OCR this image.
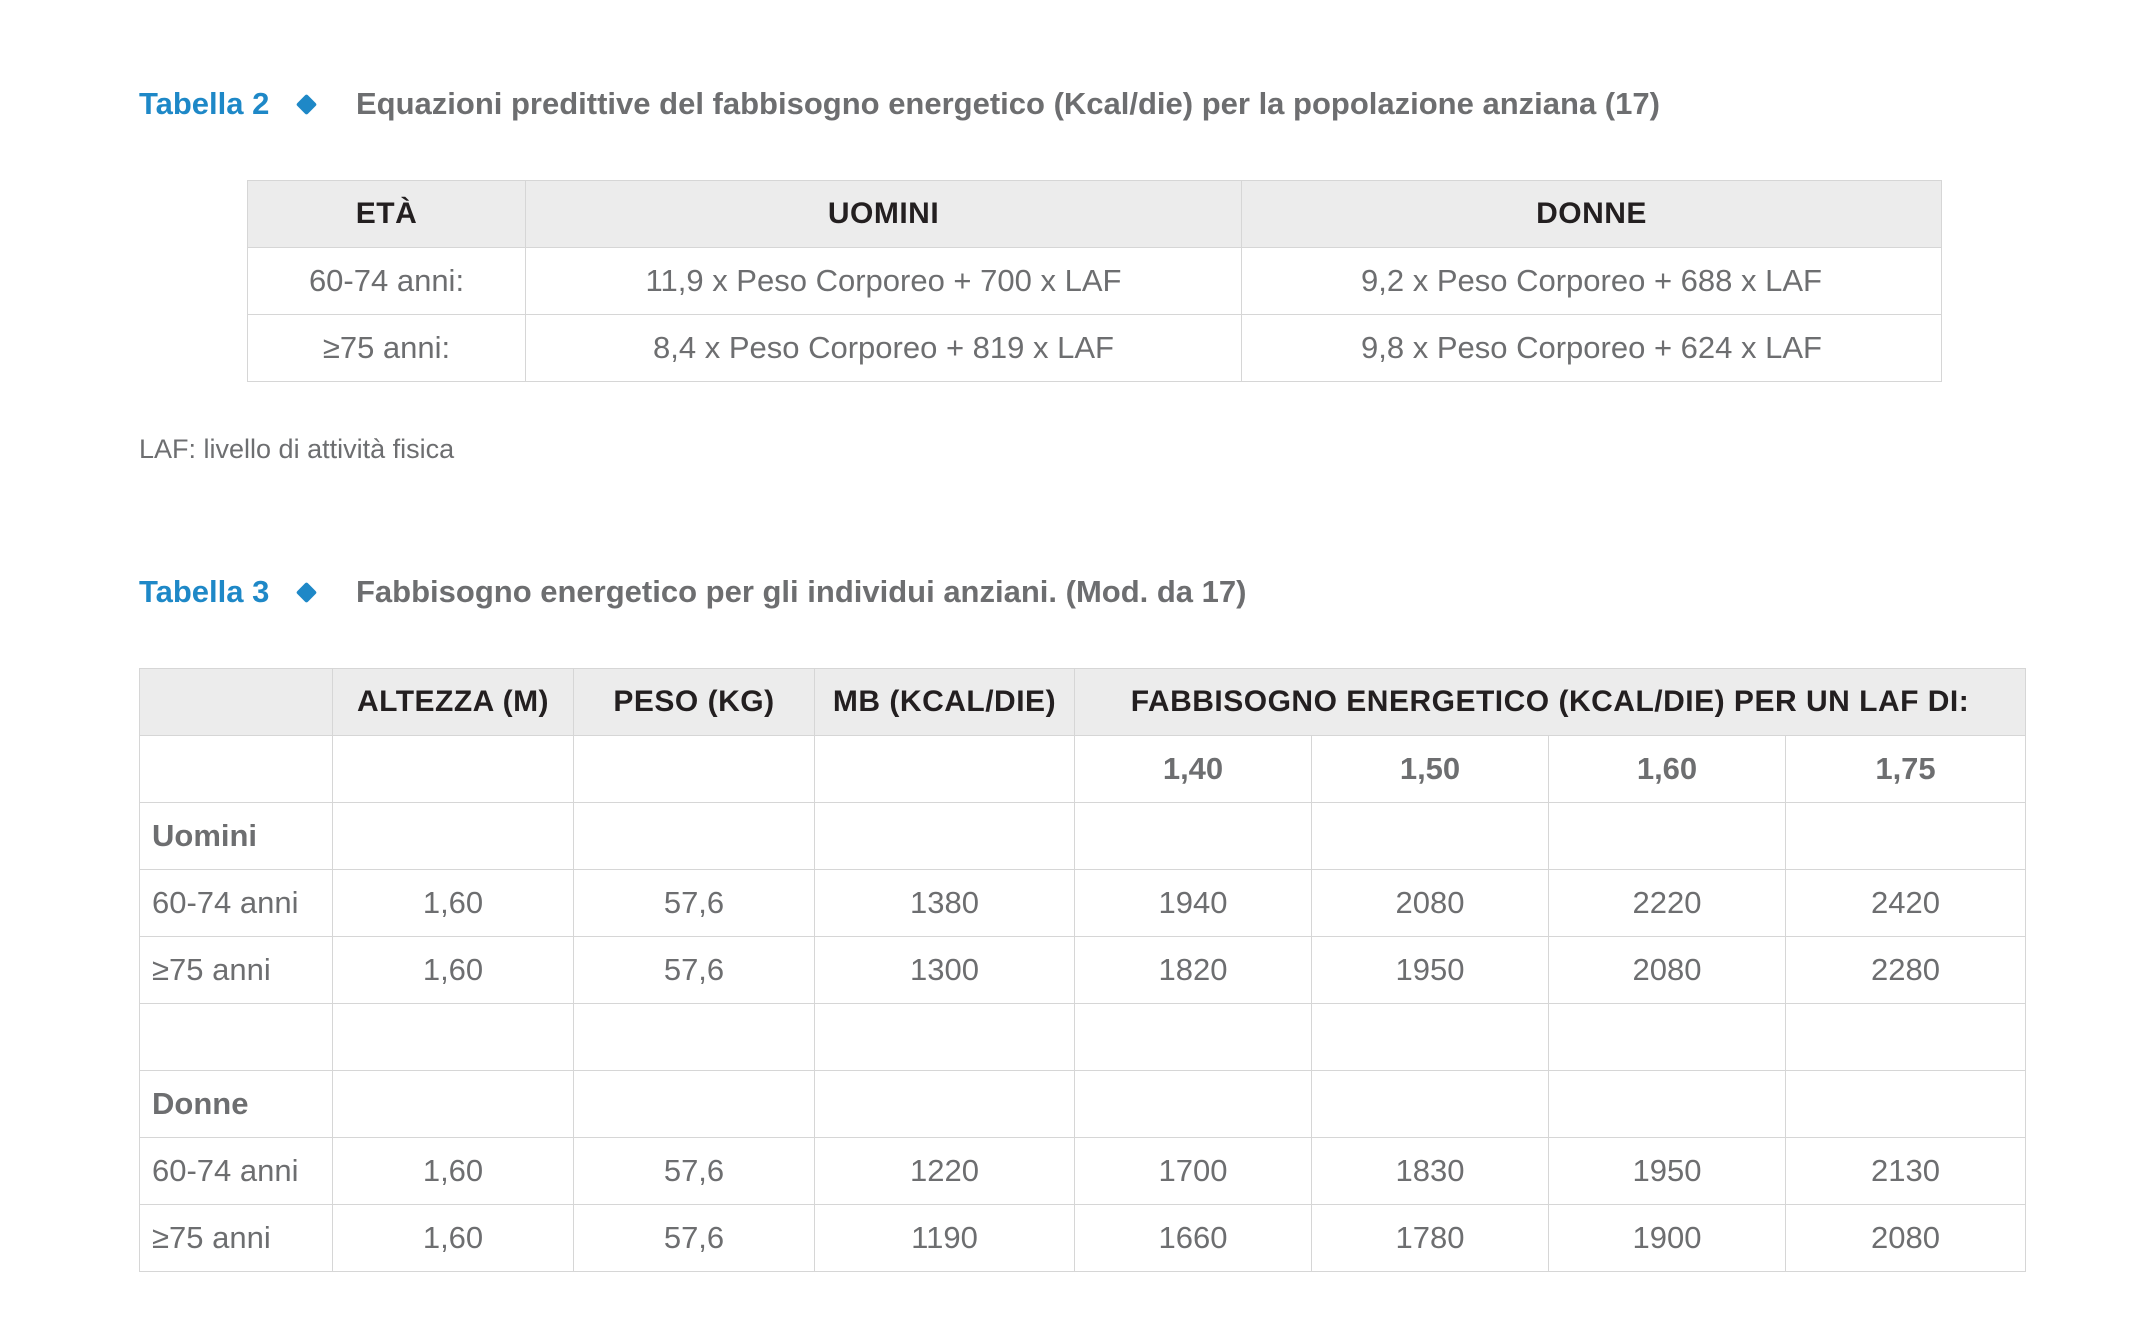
Tabella 2	Equazioni predittive del fabbisogno energetico (Kcal/die) per la popolazione anziana (17)
ETÀ	UOMINI	DONNE
60-74 anni:	11,9 x Peso Corporeo + 700 x LAF	9,2 x Peso Corporeo + 688 x LAF
≥75 anni:	8,4 x Peso Corporeo + 819 x LAF	9,8 x Peso Corporeo + 624 x LAF
LAF: livello di attività fisica
Tabella 3	Fabbisogno energetico per gli individui anziani. (Mod. da 17)
	ALTEZZA (M)	PESO (KG)	MB (KCAL/DIE)	FABBISOGNO ENERGETICO (KCAL/DIE) PER UN LAF DI:			
				1,40	1,50	1,60	1,75
Uomini							
60-74 anni	1,60	57,6	1380	1940	2080	2220	2420
≥75 anni	1,60	57,6	1300	1820	1950	2080	2280

Donne							
60-74 anni	1,60	57,6	1220	1700	1830	1950	2130
≥75 anni	1,60	57,6	1190	1660	1780	1900	2080
